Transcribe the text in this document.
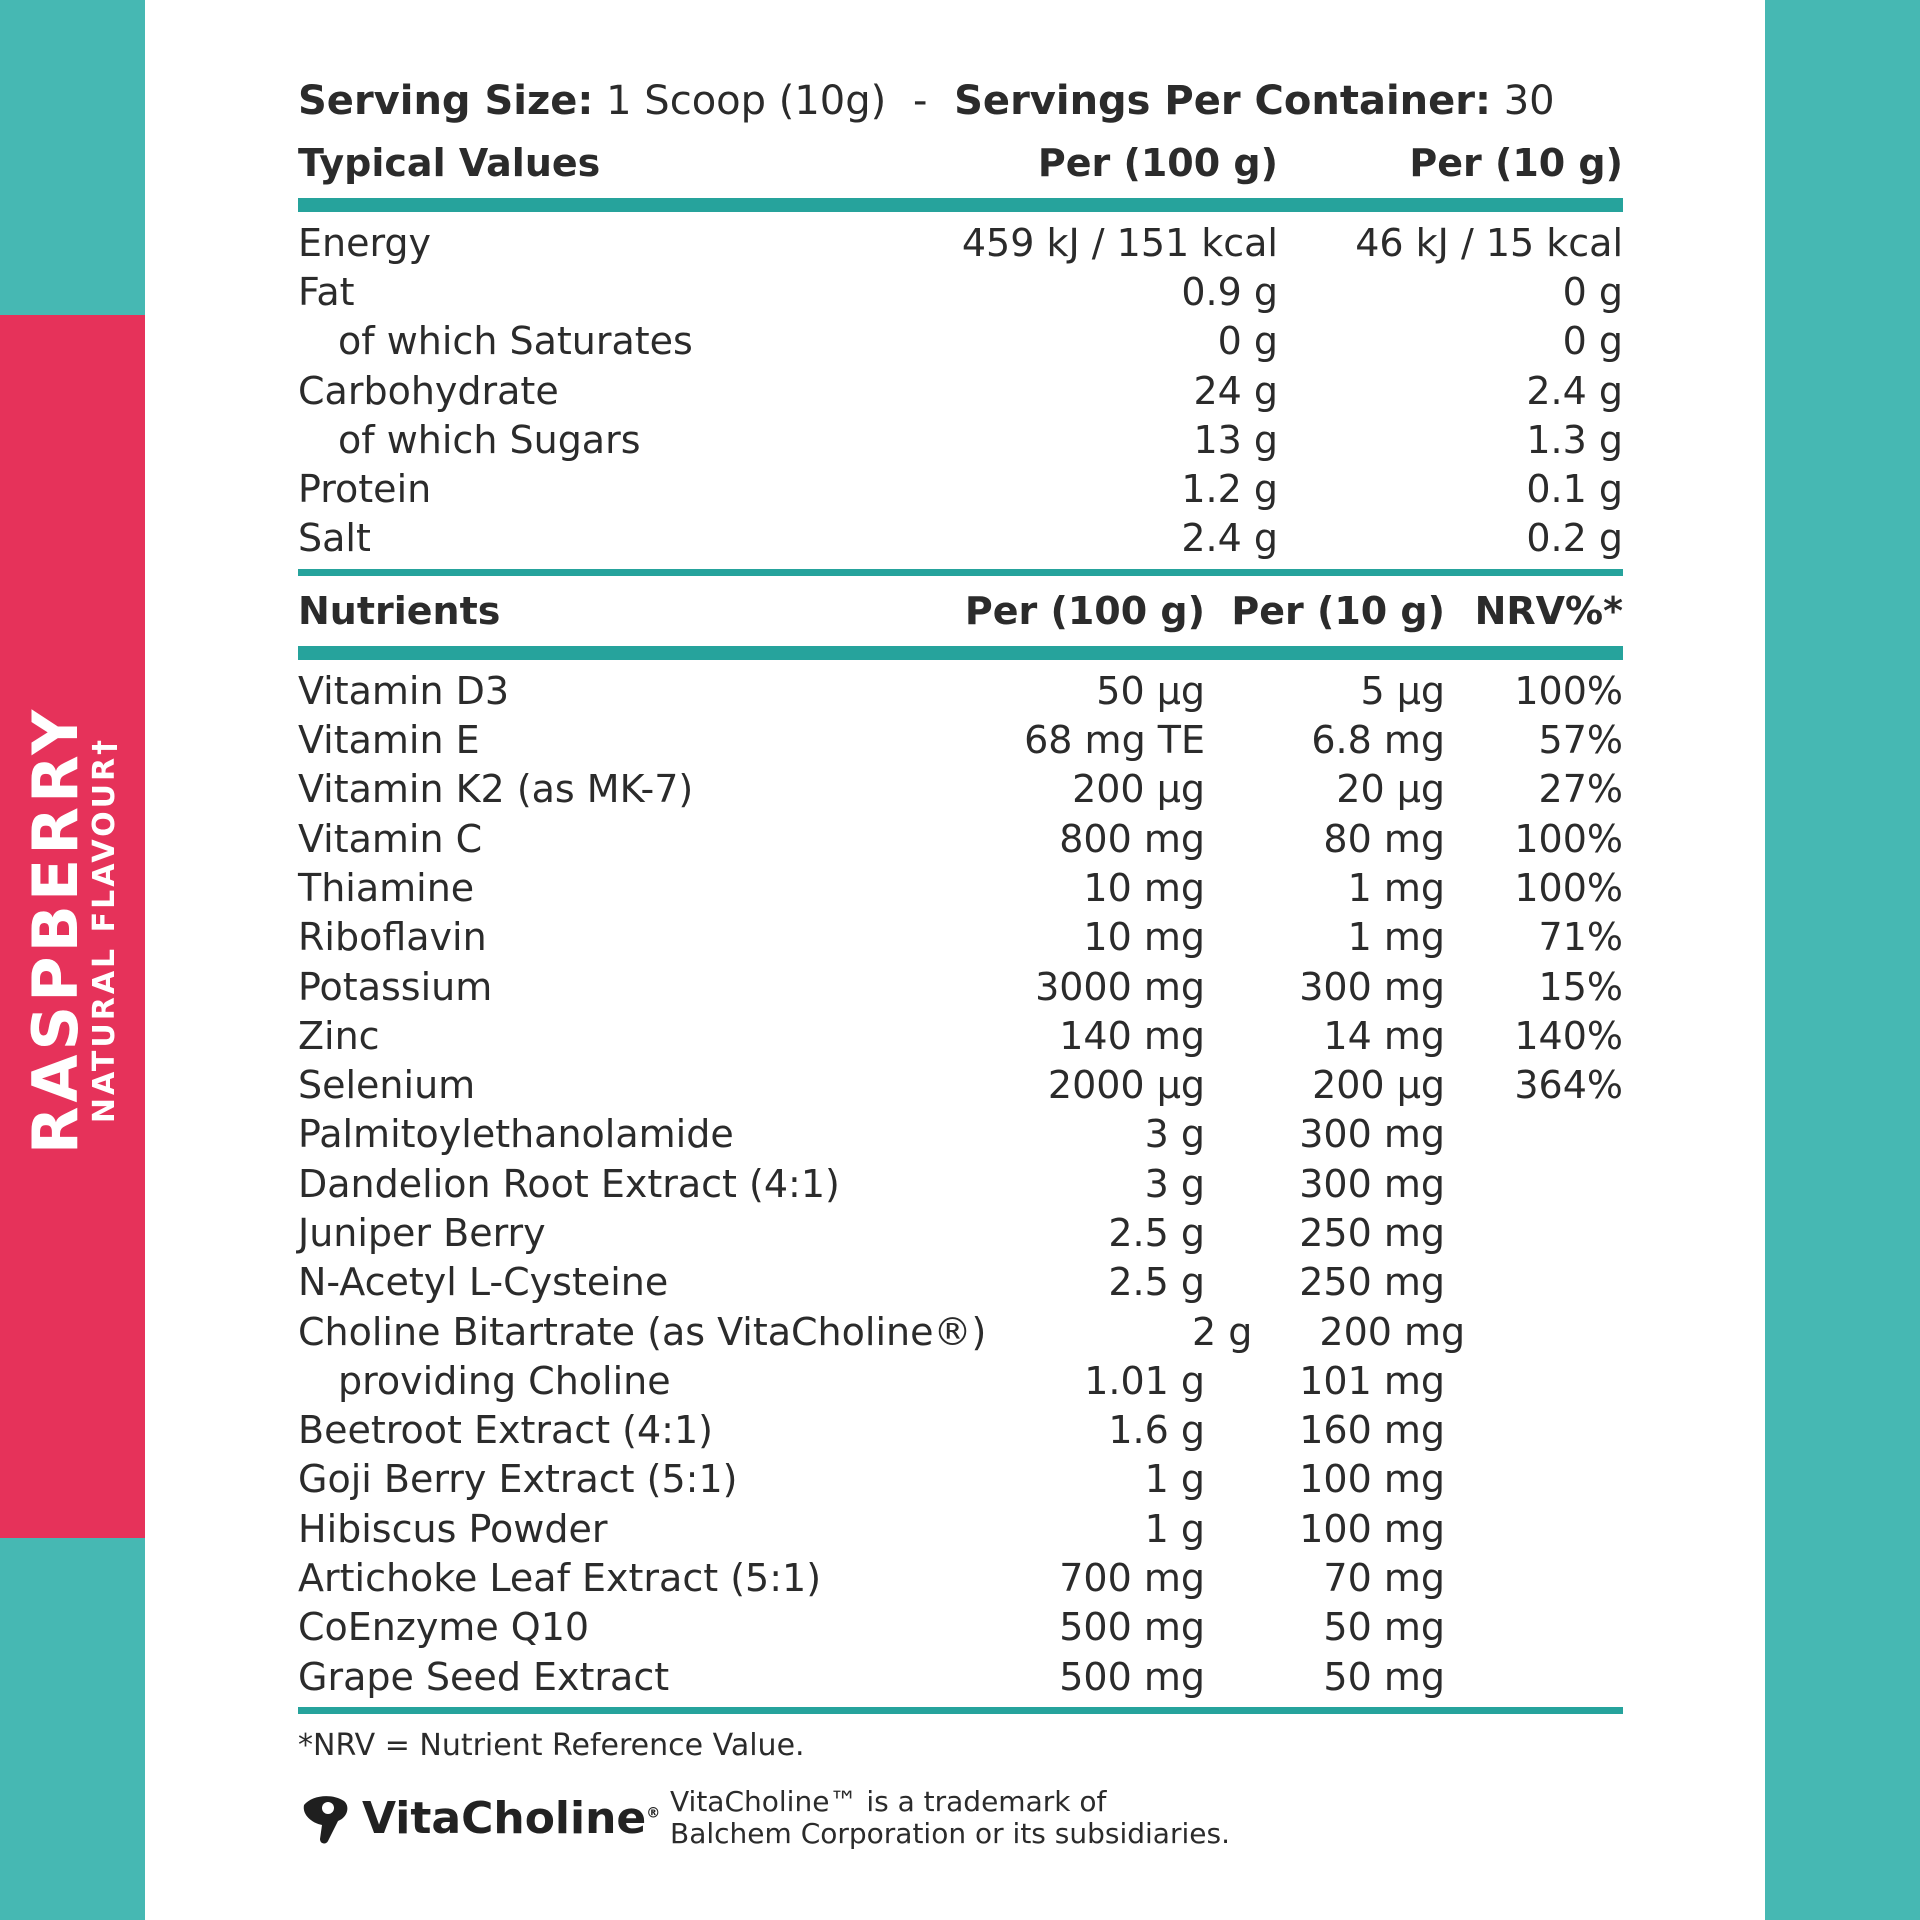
RASPBERRY
NATURAL FLAVOUR†
Serving Size: 1 Scoop (10g) - Servings Per Container: 30
Typical Values	Per (100 g)	Per (10 g)
Energy	459 kJ / 151 kcal	46 kJ / 15 kcal
Fat	0.9 g	0 g
of which Saturates	0 g	0 g
Carbohydrate	24 g	2.4 g
of which Sugars	13 g	1.3 g
Protein	1.2 g	0.1 g
Salt	2.4 g	0.2 g
Nutrients	Per (100 g) Per (10 g) NRV%*
Vitamin D3	50 µg	5 µg	100%
Vitamin E	68 mg TE	6.8 mg	57%
Vitamin K2 (as MK-7)	200 µg	20 µg	27%
Vitamin C	800 mg	80 mg	100%
Thiamine	10 mg	1 mg	100%
Riboflavin	10 mg	1 mg	71%
Potassium	3000 mg	300 mg	15%
Zinc	140 mg	14 mg	140%
Selenium	2000 µg	200 µg	364%
Palmitoylethanolamide	3 g	300 mg
Dandelion Root Extract (4:1)	3 g	300 mg
Juniper Berry	2.5 g	250 mg
N-Acetyl L-Cysteine	2.5 g	250 mg
Choline Bitartrate (as VitaCholine®)	2 g	200 mg
providing Choline	1.01 g	101 mg
Beetroot Extract (4:1)	1.6 g	160 mg
Goji Berry Extract (5:1)	1 g	100 mg
Hibiscus Powder	1 g	100 mg
Artichoke Leaf Extract (5:1)	700 mg	70 mg
CoEnzyme Q10	500 mg	50 mg
Grape Seed Extract	500 mg	50 mg
*NRV = Nutrient Reference Value.
VitaCholine® VitaCholine™ is a trademark of
Balchem Corporation or its subsidiaries.
